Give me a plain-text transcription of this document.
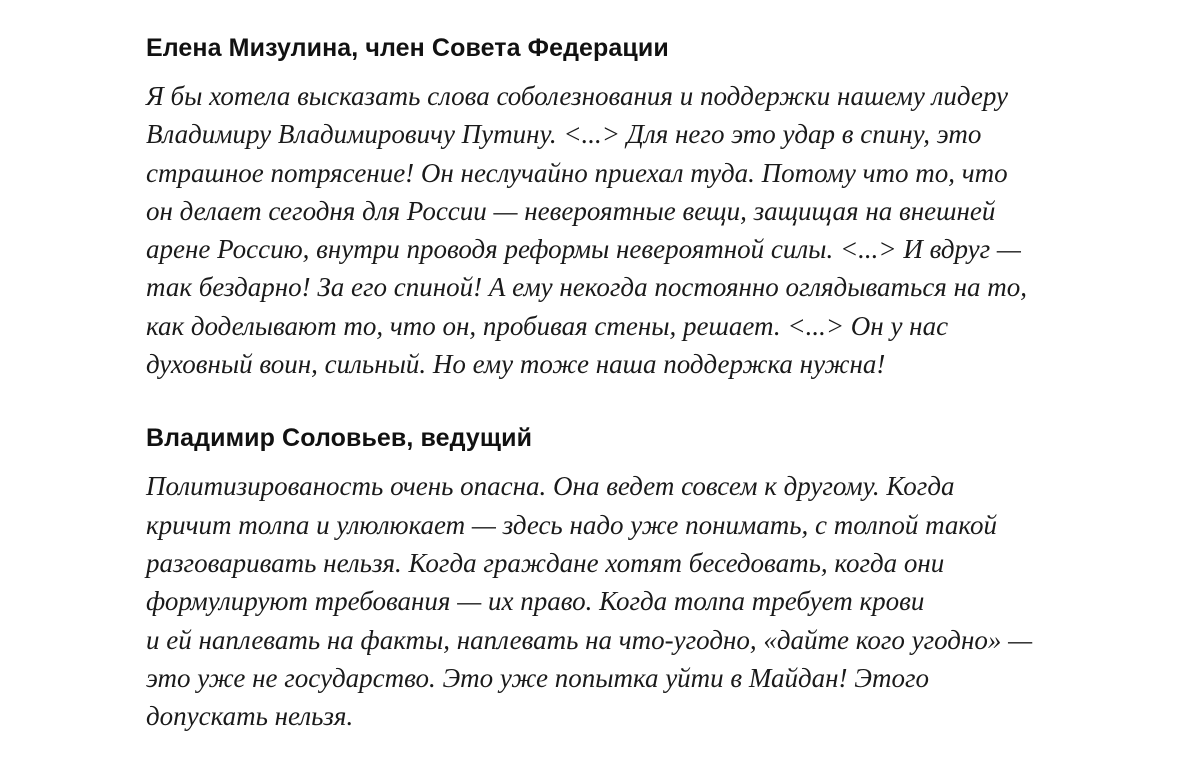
Елена Мизулина, член Совета Федерации

Я бы хотела высказать слова соболезнования и поддержки нашему лидеру
Владимиру Владимировичу Путину. <...> Для него это удар в спину, это
страшное потрясение! Он неслучайно приехал туда. Потому что то, что
он делает сегодня для России — невероятные вещи, защищая на внешней
арене Россию, внутри проводя реформы невероятной силы. <...> И вдруг —
так бездарно! За его спиной! А ему некогда постоянно оглядываться на то,
как доделывают то, что он, пробивая стены, решает. <...> Он у нас
духовный воин, сильный. Но ему тоже наша поддержка нужна!

Владимир Соловьев, ведущий

Политизированость очень опасна. Она ведет совсем к другому. Когда
кричит толпа и улюлюкает — здесь надо уже понимать, с толпой такой
разговаривать нельзя. Когда граждане хотят беседовать, когда они
формулируют требования — их право. Когда толпа требует крови
и ей наплевать на факты, наплевать на что-угодно, «дайте кого угодно» —
это уже не государство. Это уже попытка уйти в Майдан! Этого
допускать нельзя.
